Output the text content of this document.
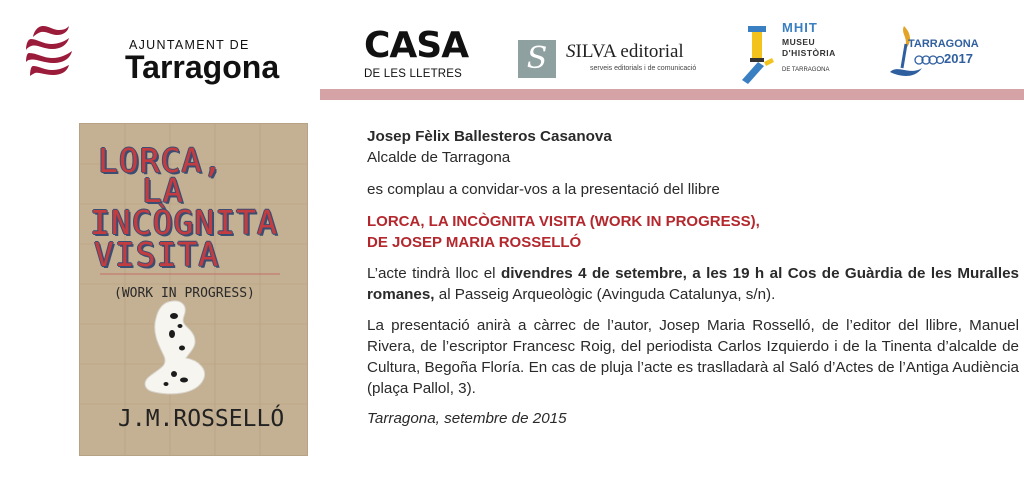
AJUNTAMENT DE
Tarragona
CASA
DE LES LLETRES S SILVA editorial
serveis editorials i de comunicació
MHIT
MUSEU
D'HISTÒRIA
DE TARRAGONA
TARRAGONA
2017
LORCA,
LA
INCÒGNITA
VISITA
(WORK IN PROGRESS)
J.M.ROSSELLÓ

Josep Fèlix Ballesteros Casanova

Alcalde de Tarragona

es complau a convidar-vos a la presentació del llibre

LORCA, LA INCÒGNITA VISITA (WORK IN PROGRESS),

DE JOSEP MARIA ROSSELLÓ

L’acte tindrà lloc el divendres 4 de setembre, a les 19 h al Cos de Guàrdia de les Muralles romanes, al Passeig Arqueològic (Avinguda Catalunya, s/n).

La presentació anirà a càrrec de l’autor, Josep Maria Rosselló, de l’editor del llibre, Manuel Rivera, de l’escriptor Francesc Roig, del periodista Carlos Izquierdo i de la Tinenta d’alcalde de Cultura, Begoña Floría. En cas de pluja l’acte es traslladarà al Saló d’Actes de l’Antiga Audiència (plaça Pallol, 3).

Tarragona, setembre de 2015
